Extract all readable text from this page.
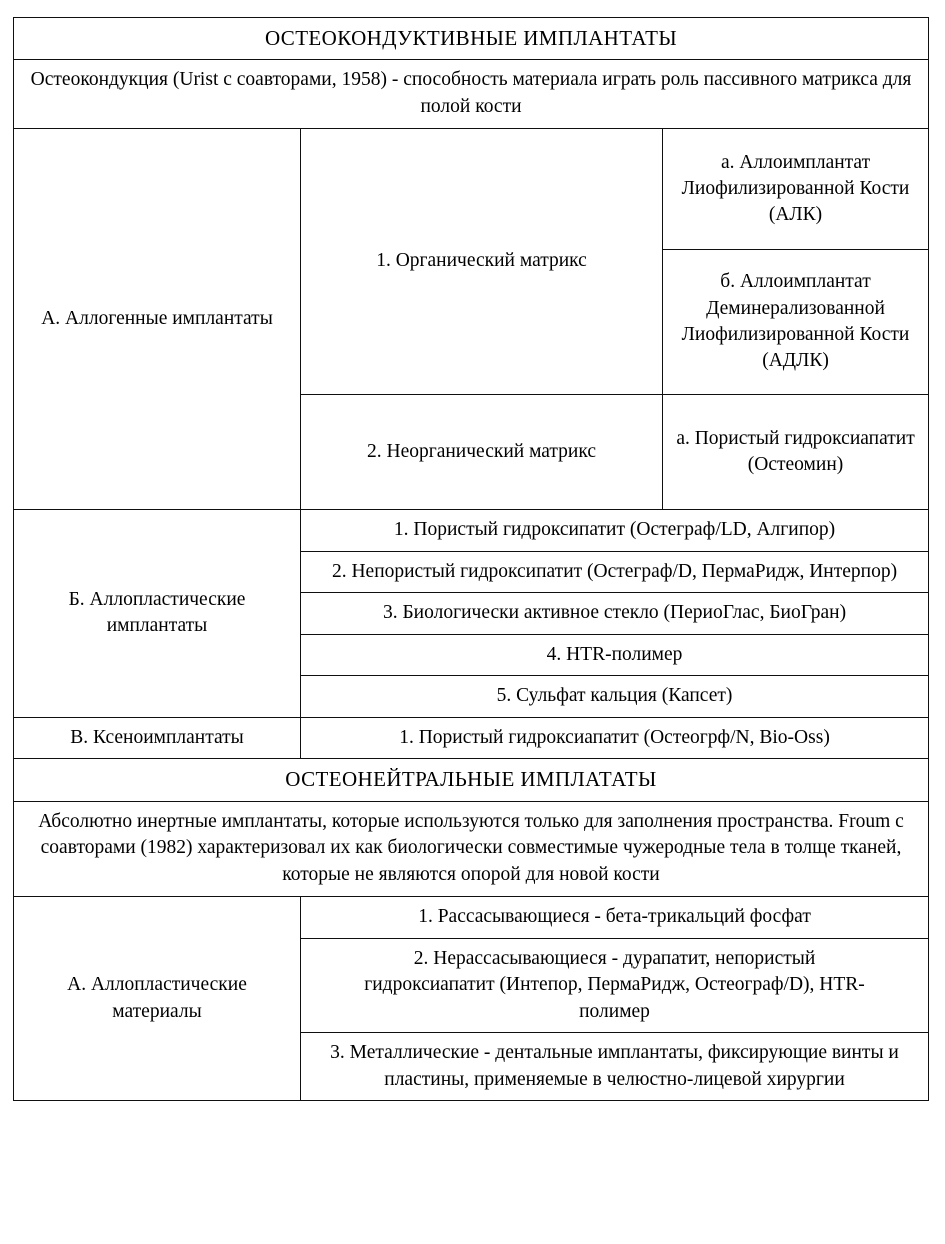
ОСТЕОКОНДУКТИВНЫЕ ИМПЛАНТАТЫ		
Остеокондукция (Urist с соавторами, 1958) - способность материала играть роль пассивного матрикса для полой кости		
А. Аллогенные имплантаты	1. Органический матрикс	а. Аллоимплантат Лиофилизированной Кости (АЛК)
		б. Аллоимплантат Деминерализованной Лиофилизированной Кости (АДЛК)
	2. Неорганический матрикс	а. Пористый гидроксиапатит (Остеомин)
Б. Аллопластические имплантаты	1. Пористый гидроксипатит (Остеграф/LD, Алгипор)	
	2. Непористый гидроксипатит (Остеграф/D, ПермаРидж, Интерпор)	
	3. Биологически активное стекло (ПериоГлас, БиоГран)	
	4. HTR-полимер	
	5. Сульфат кальция (Капсет)	
В. Ксеноимплантаты	1. Пористый гидроксиапатит (Остеогрф/N, Bio-Oss)	
ОСТЕОНЕЙТРАЛЬНЫЕ ИМПЛАТАТЫ		
Абсолютно инертные имплантаты, которые используются только для заполнения пространства. Froum с соавторами (1982) характеризовал их как биологически совместимые чужеродные тела в толще тканей, которые не являются опорой для новой кости		
А. Аллопластические материалы	1. Рассасывающиеся - бета-трикальций фосфат	
	2. Нерассасывающиеся - дурапатит, непористый гидроксиапатит (Интепор, ПермаРидж, Остеограф/D), HTR-полимер	
	3. Металлические - дентальные имплантаты, фиксирующие винты и пластины, применяемые в челюстно-лицевой хирургии	
